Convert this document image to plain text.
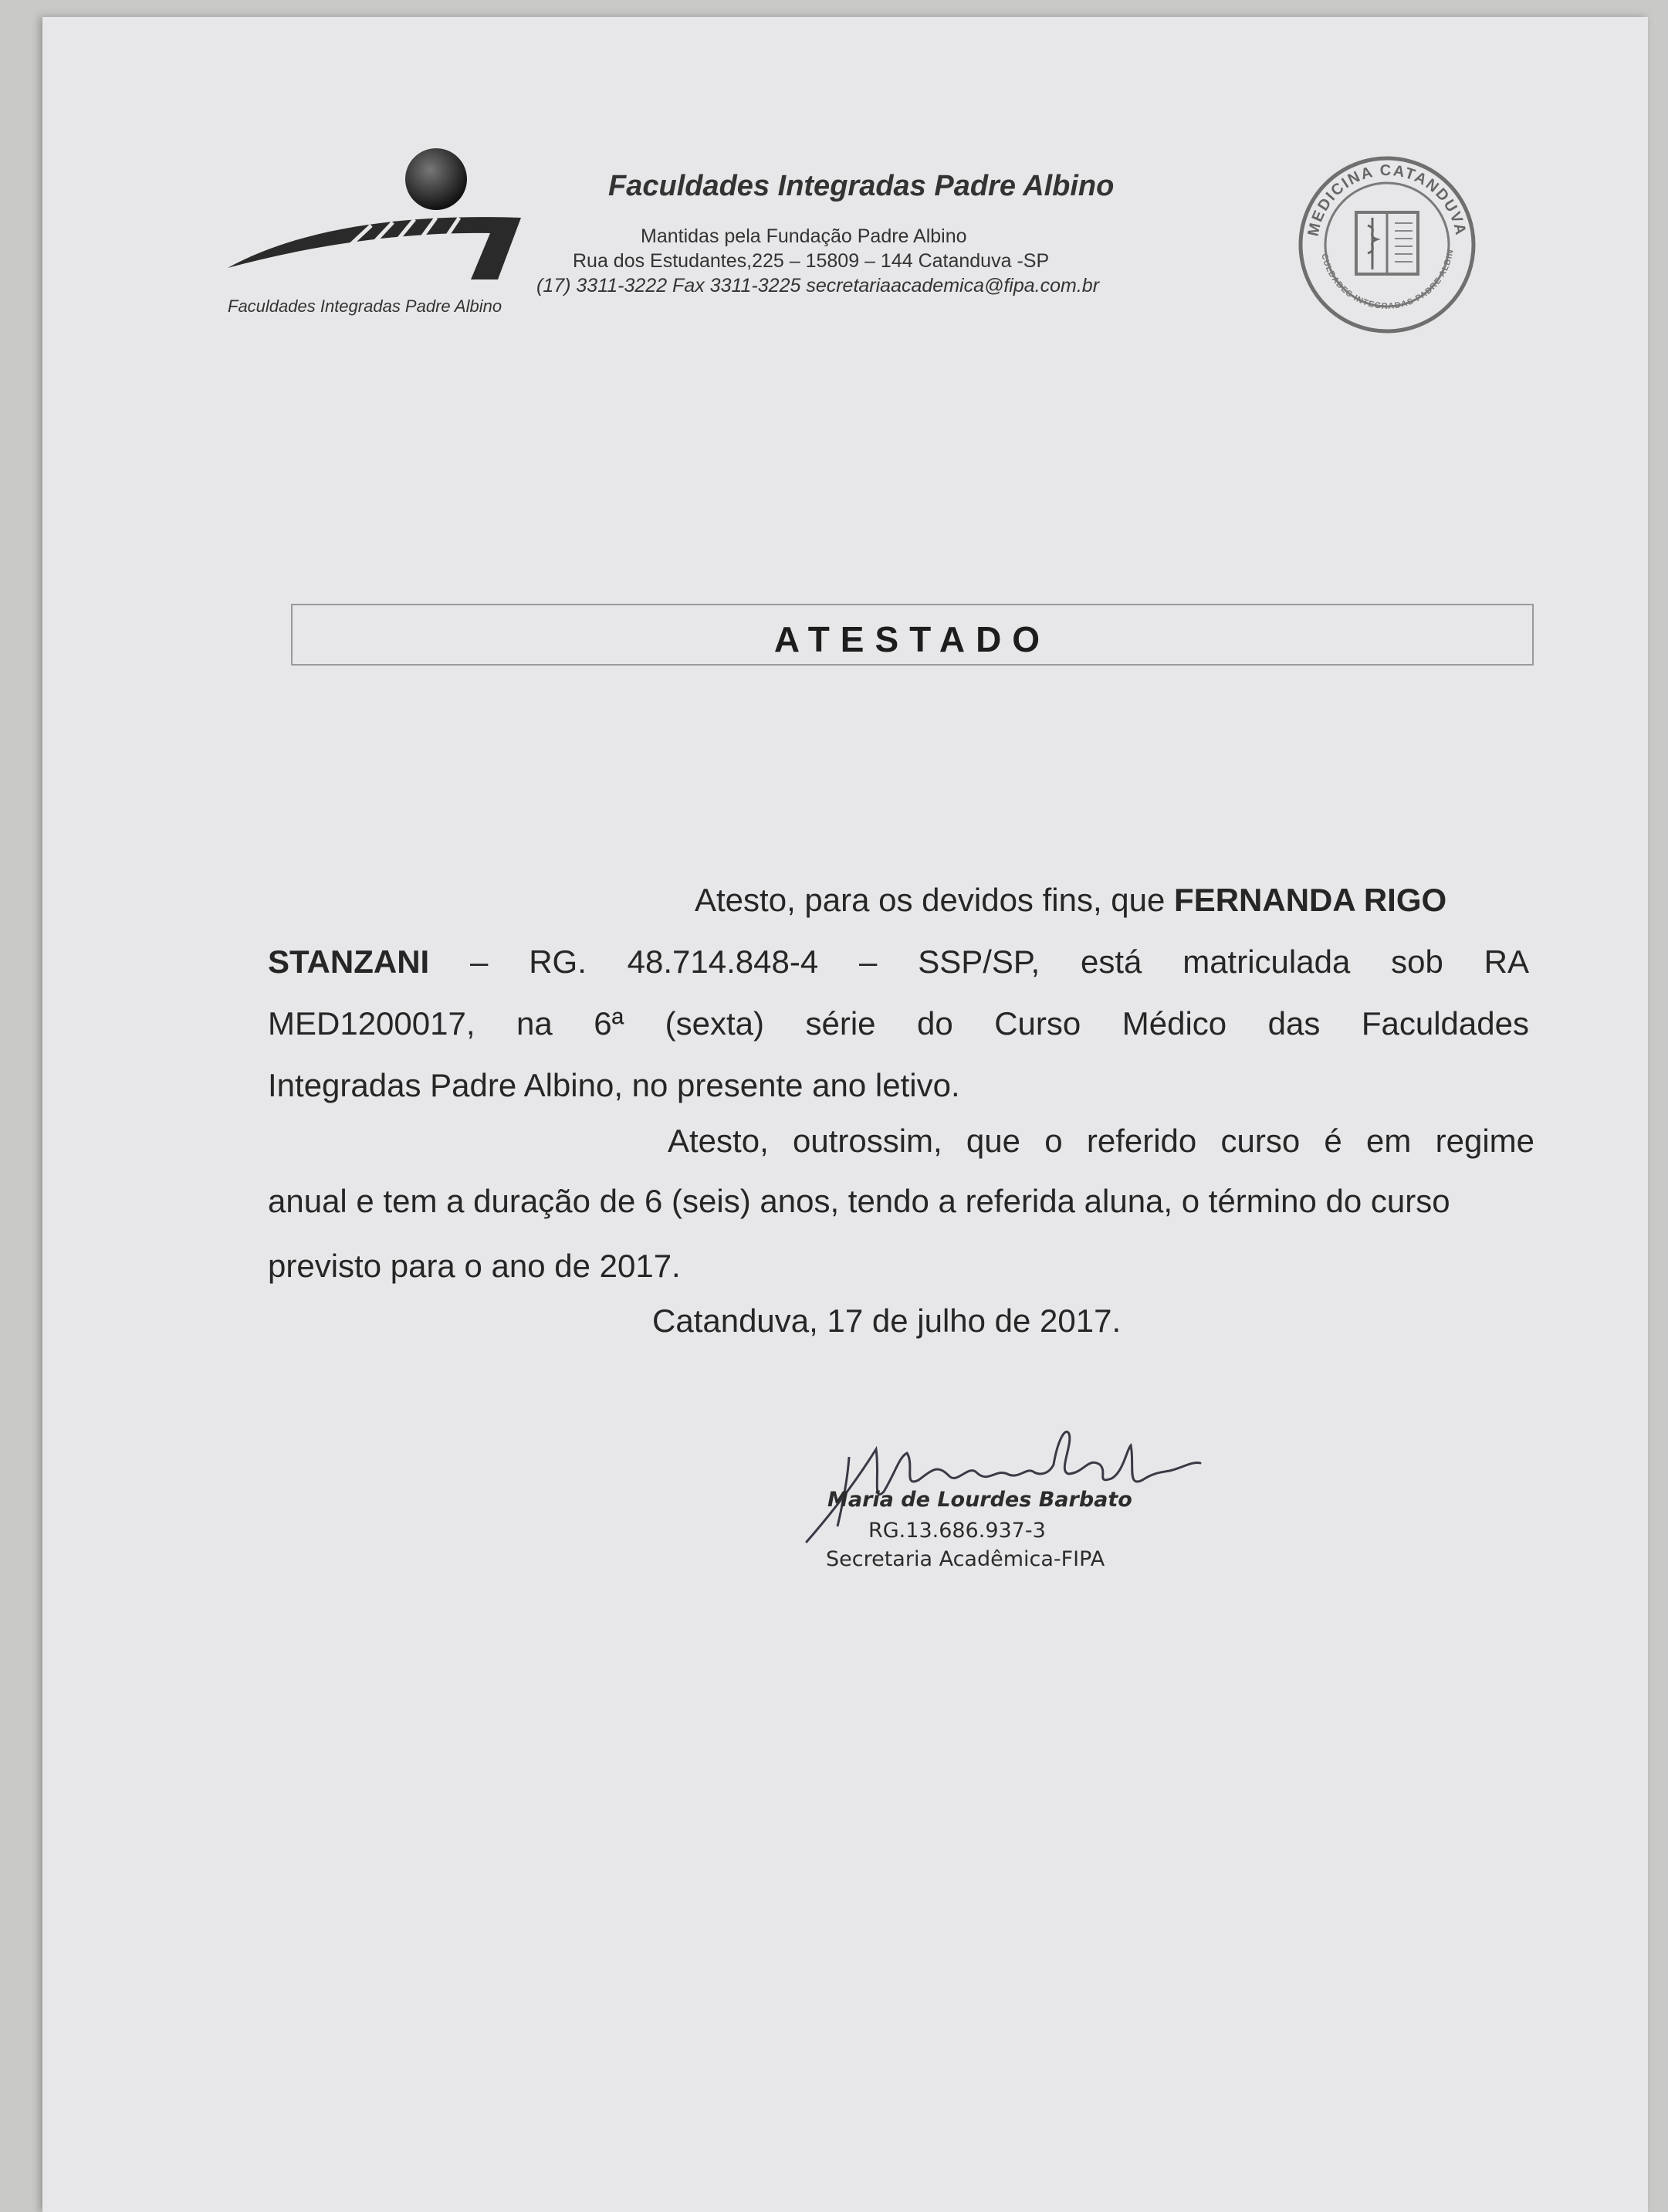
Faculdades Integradas Padre Albino
Faculdades Integradas Padre Albino
Mantidas pela Fundação Padre Albino
Rua dos Estudantes,225 – 15809 – 144 Catanduva -SP
(17) 3311-3222 Fax 3311-3225 secretariaacademica@fipa.com.br
MEDICINA CATANDUVA
CULDADES INTEGRADAS PADRE ALBIN
ATESTADO
Atesto, para os devidos fins, que FERNANDA RIGO
STANZANI – RG. 48.714.848-4 – SSP/SP, está matriculada sob RA
MED1200017, na 6ª (sexta) série do Curso Médico das Faculdades
Integradas Padre Albino, no presente ano letivo.
Atesto, outrossim, que o referido curso é em regime
anual e tem a duração de 6 (seis) anos, tendo a referida aluna, o término do curso
previsto para o ano de 2017.
Catanduva, 17 de julho de 2017.
Maria de Lourdes Barbato
RG.13.686.937-3
Secretaria Acadêmica-FIPA
